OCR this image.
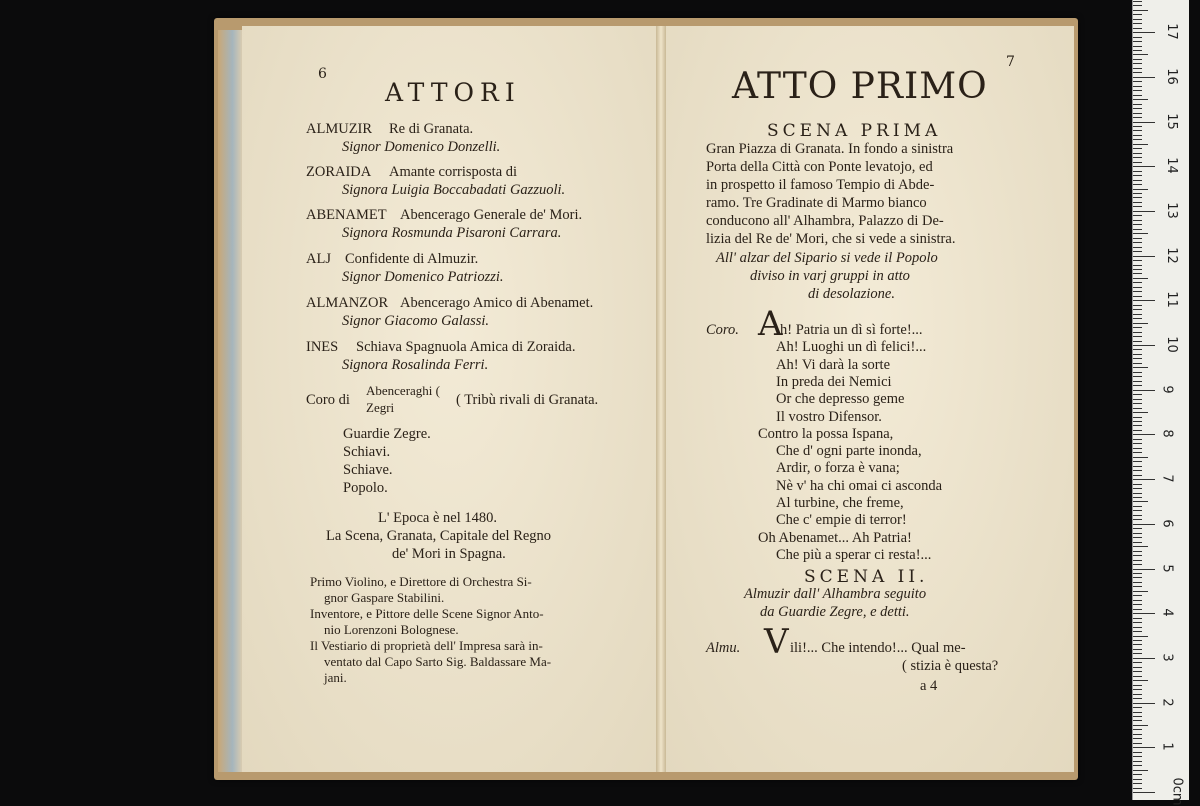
6
ATTORI
ALMUZIR Re di Granata.
Signor Domenico Donzelli.
ZORAIDA Amante corrisposta di
Signora Luigia Boccabadati Gazzuoli.
ABENAMET Abencerago Generale de' Mori.
Signora Rosmunda Pisaroni Carrara.
ALJ Confidente di Almuzir.
Signor Domenico Patriozzi.
ALMANZOR Abencerago Amico di Abenamet.
Signor Giacomo Galassi.
INES Schiava Spagnuola Amica di Zoraida.
Signora Rosalinda Ferri.
Coro di
Abenceraghi (
Zegri	( Tribù rivali di Granata.
Guardie Zegre.
Schiavi.
Schiave.
Popolo.
L' Epoca è nel 1480.
La Scena, Granata, Capitale del Regno
de' Mori in Spagna.
Primo Violino, e Direttore di Orchestra Si-
gnor Gaspare Stabilini.
Inventore, e Pittore delle Scene Signor Anto-
nio Lorenzoni Bolognese.
Il Vestiario di proprietà dell' Impresa sarà in-
ventato dal Capo Sarto Sig. Baldassare Ma-
jani.
7
ATTO PRIMO
SCENA PRIMA
Gran Piazza di Granata. In fondo a sinistra
Porta della Città con Ponte levatojo, ed
in prospetto il famoso Tempio di Abde-
ramo. Tre Gradinate di Marmo bianco
conducono all' Alhambra, Palazzo di De-
lizia del Re de' Mori, che si vede a sinistra.
All' alzar del Sipario si vede il Popolo
diviso in varj gruppi in atto
di desolazione.
Coro. A
h! Patria un dì sì forte!...
Ah! Luoghi un dì felici!...
Ah! Vi darà la sorte
In preda dei Nemici
Or che depresso geme
Il vostro Difensor.
Contro la possa Ispana,
Che d' ogni parte inonda,
Ardir, o forza è vana;
Nè v' ha chi omai ci asconda
Al turbine, che freme,
Che c' empie di terror!
Oh Abenamet... Ah Patria!
Che più a sperar ci resta!...
SCENA II.
Almuzir dall' Alhambra seguito
da Guardie Zegre, e detti.
Almu. V ili!... Che intendo!... Qual me-
( stizia è questa?
a 4
0cm
1
2
3
4
5
6
7
8
9
10
11
12
13
14
15
16
17
